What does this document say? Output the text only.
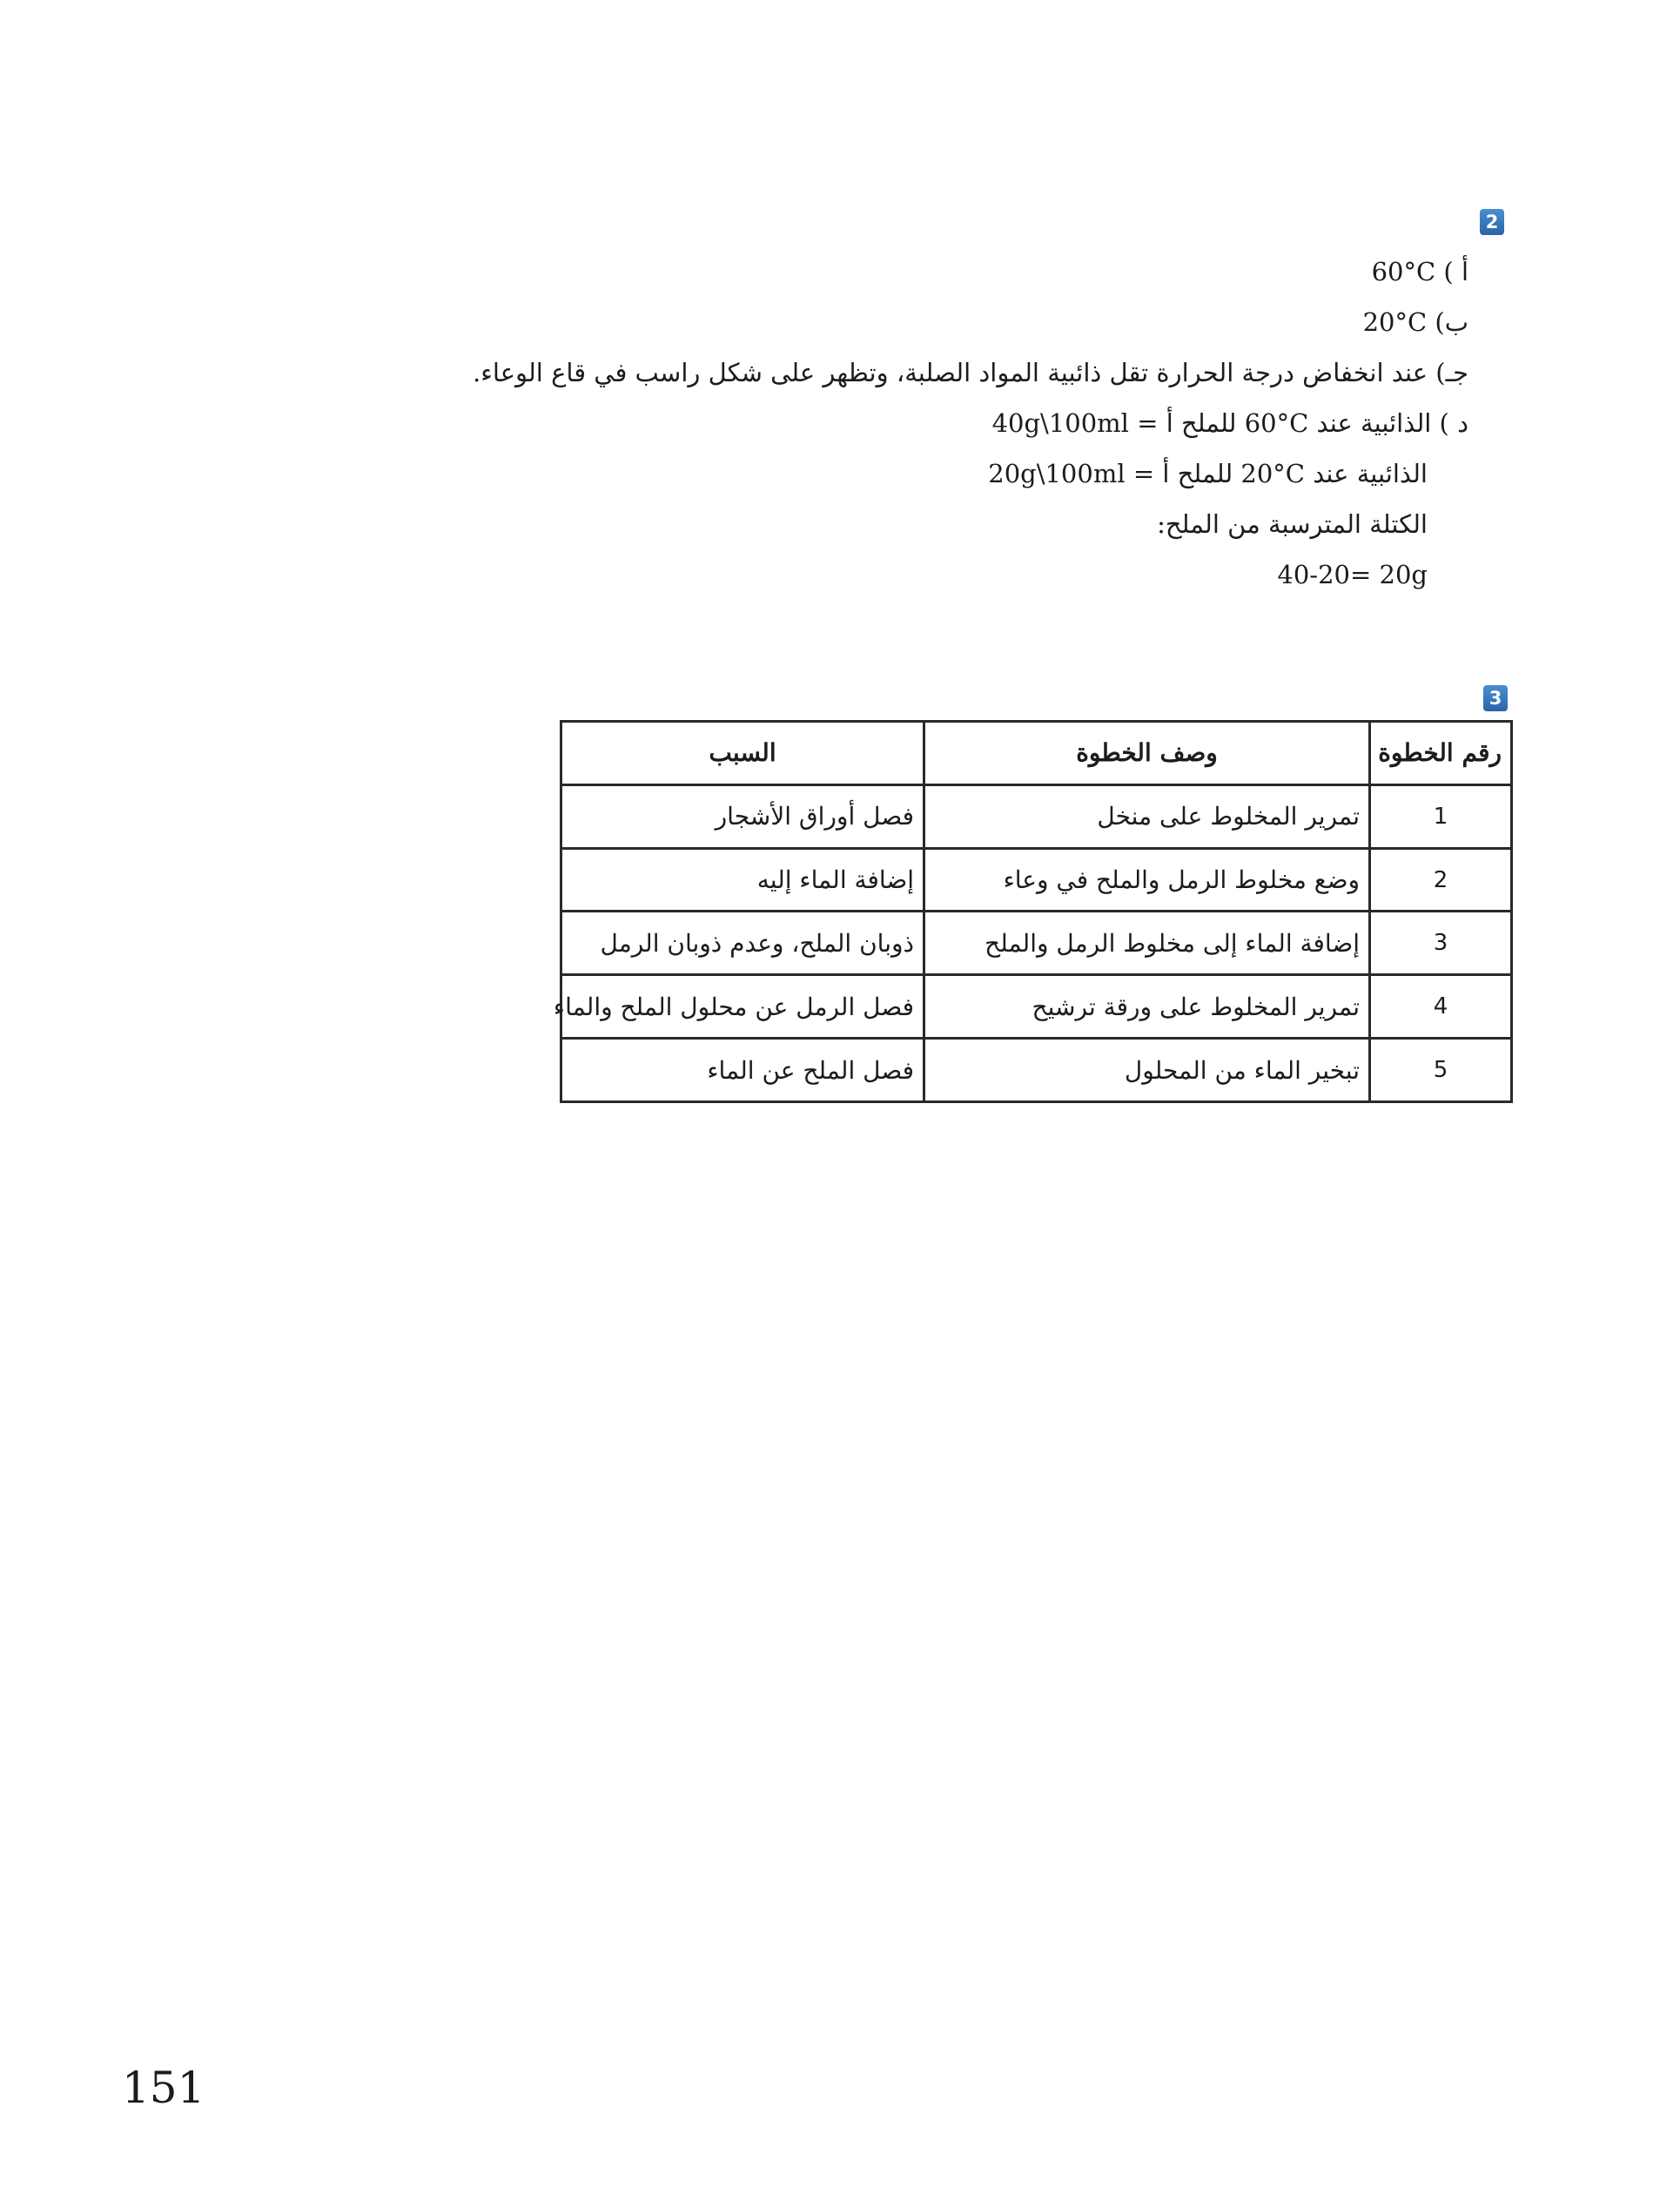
2
أ ) 60°C
ب) 20°C
جـ) عند انخفاض درجة الحرارة تقل ذائبية المواد الصلبة، وتظهر على شكل راسب في قاع الوعاء.
د ) الذائبية عند 60°C للملح أ = 40g\100ml
الذائبية عند 20°C للملح أ = 20g\100ml
الكتلة المترسبة من الملح:
40-20= 20g
3
رقم الخطوة	وصف الخطوة	السبب
1	تمرير المخلوط على منخل	فصل أوراق الأشجار
2	وضع مخلوط الرمل والملح في وعاء	إضافة الماء إليه
3	إضافة الماء إلى مخلوط الرمل والملح	ذوبان الملح، وعدم ذوبان الرمل
4	تمرير المخلوط على ورقة ترشيح	فصل الرمل عن محلول الملح والماء
5	تبخير الماء من المحلول	فصل الملح عن الماء
151
